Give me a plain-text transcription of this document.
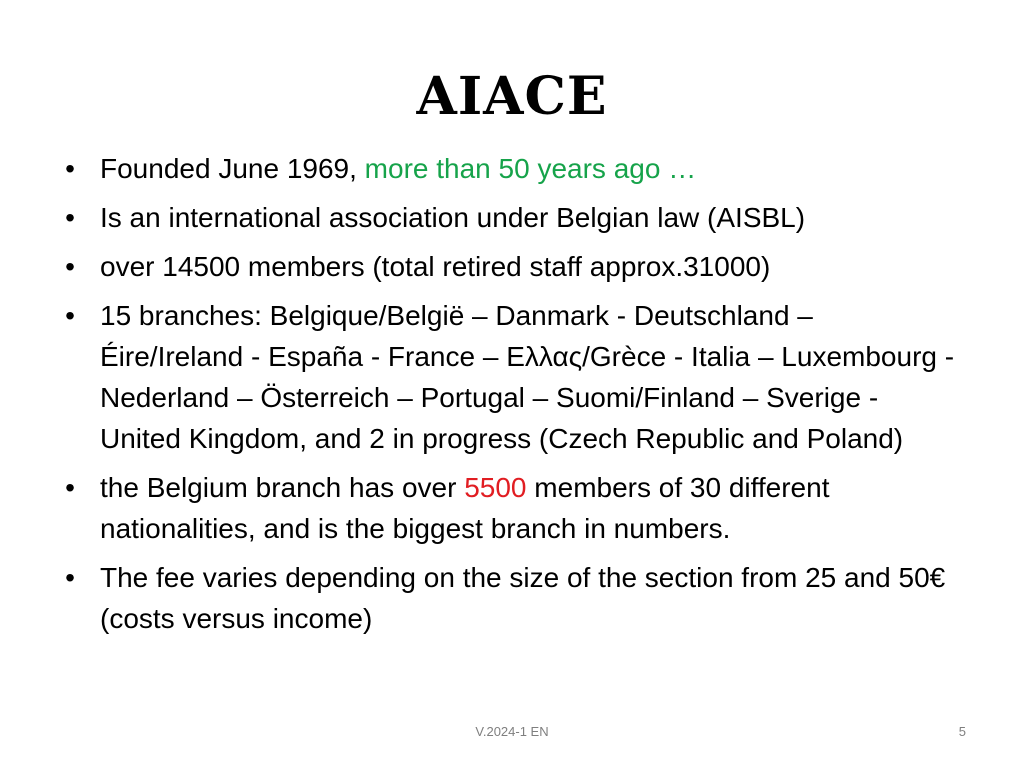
AIACE
• Founded June 1969, more than 50 years ago …
• Is an international association under Belgian law (AISBL)
• over 14500 members (total retired staff approx.31000)
• 15 branches: Belgique/België – Danmark - Deutschland – Éire/Ireland - España - France – Ελλας/Grèce - Italia – Luxembourg - Nederland – Österreich – Portugal – Suomi/Finland – Sverige - United Kingdom, and 2 in progress (Czech Republic and Poland)
• the Belgium branch has over 5500 members of 30 different nationalities, and is the biggest branch in numbers.
• The fee varies depending on the size of the section from 25 and 50€ (costs versus income)
V.2024-1 EN	5
